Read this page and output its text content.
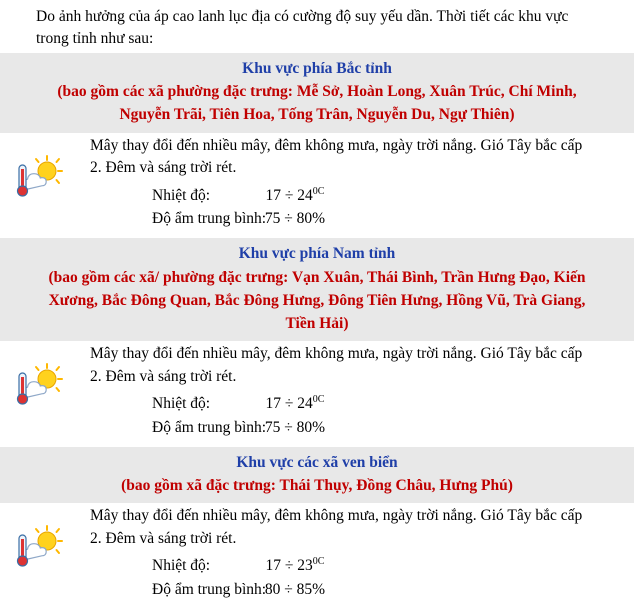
Do ảnh hưởng của áp cao lanh lục địa có cường độ suy yếu dần. Thời tiết các khu vực
trong tỉnh như sau:
Khu vực phía Bắc tỉnh
(bao gồm các xã phường đặc trưng: Mễ Sở, Hoàn Long, Xuân Trúc, Chí Minh,
Nguyễn Trãi, Tiên Hoa, Tống Trân, Nguyễn Du, Ngự Thiên)
Mây thay đổi đến nhiều mây, đêm không mưa, ngày trời nắng. Gió Tây bắc cấp
2. Đêm và sáng trời rét.
Nhiệt độ:	$17 \div 24^{0C}$
Độ ẩm trung bình:75 ÷ 80%
Khu vực phía Nam tỉnh
(bao gồm các xã/ phường đặc trưng: Vạn Xuân, Thái Bình, Trần Hưng Đạo, Kiến
Xương, Bắc Đông Quan, Bắc Đông Hưng, Đông Tiên Hưng, Hồng Vũ, Trà Giang,
Tiền Hải)
Mây thay đổi đến nhiều mây, đêm không mưa, ngày trời nắng. Gió Tây bắc cấp
2. Đêm và sáng trời rét.
Nhiệt độ:	$17 \div 24^{0C}$
Độ ẩm trung bình:75 ÷ 80%
Khu vực các xã ven biển
(bao gồm xã đặc trưng: Thái Thụy, Đồng Châu, Hưng Phú)
Mây thay đổi đến nhiều mây, đêm không mưa, ngày trời nắng. Gió Tây bắc cấp
2. Đêm và sáng trời rét.
Nhiệt độ:	$17 \div 23^{0C}$
Độ ẩm trung bình:80 ÷ 85%
